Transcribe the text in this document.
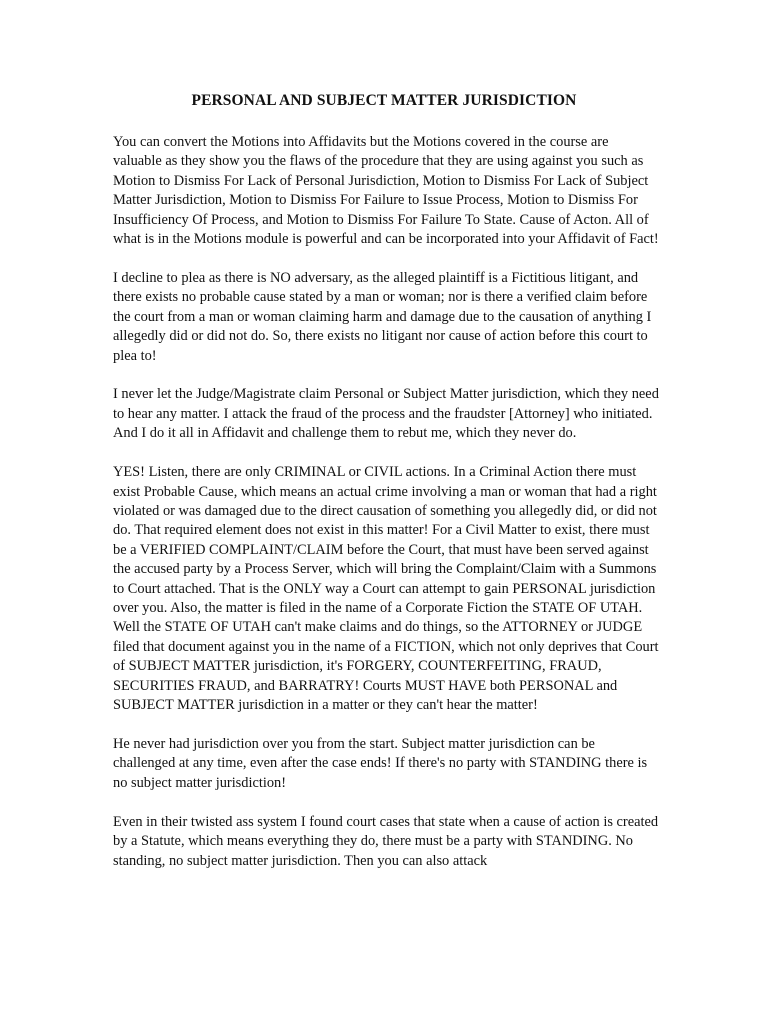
PERSONAL AND SUBJECT MATTER JURISDICTION

You can convert the Motions into Affidavits but the Motions covered in the course are valuable as they show you the flaws of the procedure that they are using against you such as Motion to Dismiss For Lack of Personal Jurisdiction, Motion to Dismiss For Lack of Subject Matter Jurisdiction, Motion to Dismiss For Failure to Issue Process, Motion to Dismiss For Insufficiency Of Process, and Motion to Dismiss For Failure To State. Cause of Acton. All of what is in the Motions module is powerful and can be incorporated into your Affidavit of Fact!

I decline to plea as there is NO adversary, as the alleged plaintiff is a Fictitious litigant, and there exists no probable cause stated by a man or woman; nor is there a verified claim before the court from a man or woman claiming harm and damage due to the causation of anything I allegedly did or did not do. So, there exists no litigant nor cause of action before this court to plea to!

I never let the Judge/Magistrate claim Personal or Subject Matter jurisdiction, which they need to hear any matter. I attack the fraud of the process and the fraudster [Attorney] who initiated. And I do it all in Affidavit and challenge them to rebut me, which they never do.

YES! Listen, there are only CRIMINAL or CIVIL actions. In a Criminal Action there must exist Probable Cause, which means an actual crime involving a man or woman that had a right violated or was damaged due to the direct causation of something you allegedly did, or did not do. That required element does not exist in this matter! For a Civil Matter to exist, there must be a VERIFIED COMPLAINT/CLAIM before the Court, that must have been served against the accused party by a Process Server, which will bring the Complaint/Claim with a Summons to Court attached. That is the ONLY way a Court can attempt to gain PERSONAL jurisdiction over you. Also, the matter is filed in the name of a Corporate Fiction the STATE OF UTAH. Well the STATE OF UTAH can't make claims and do things, so the ATTORNEY or JUDGE filed that document against you in the name of a FICTION, which not only deprives that Court of SUBJECT MATTER jurisdiction, it's FORGERY, COUNTERFEITING, FRAUD, SECURITIES FRAUD, and BARRATRY! Courts MUST HAVE both PERSONAL and SUBJECT MATTER jurisdiction in a matter or they can't hear the matter!

He never had jurisdiction over you from the start. Subject matter jurisdiction can be challenged at any time, even after the case ends! If there's no party with STANDING there is no subject matter jurisdiction!

Even in their twisted ass system I found court cases that state when a cause of action is created by a Statute, which means everything they do, there must be a party with STANDING. No standing, no subject matter jurisdiction. Then you can also attack
